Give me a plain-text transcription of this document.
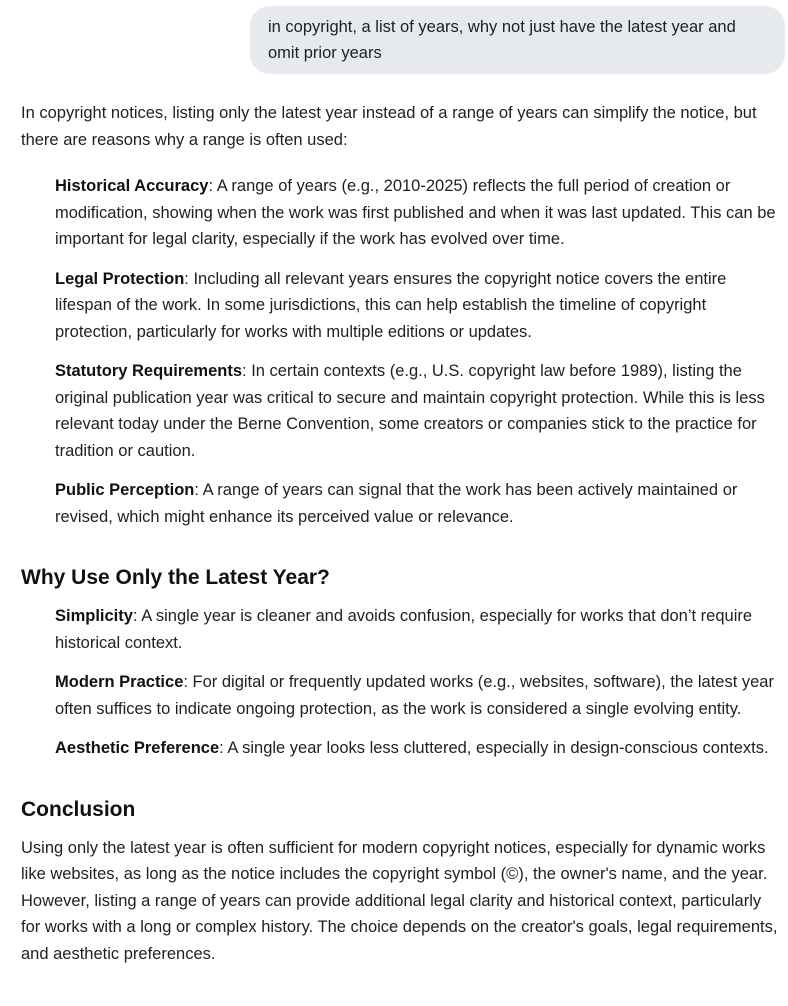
in copyright, a list of years, why not just have the latest year and omit prior years

In copyright notices, listing only the latest year instead of a range of years can simplify the notice, but there are reasons why a range is often used:

Historical Accuracy: A range of years (e.g., 2010-2025) reflects the full period of creation or modification, showing when the work was first published and when it was last updated. This can be important for legal clarity, especially if the work has evolved over time.
Legal Protection: Including all relevant years ensures the copyright notice covers the entire lifespan of the work. In some jurisdictions, this can help establish the timeline of copyright protection, particularly for works with multiple editions or updates.
Statutory Requirements: In certain contexts (e.g., U.S. copyright law before 1989), listing the original publication year was critical to secure and maintain copyright protection. While this is less relevant today under the Berne Convention, some creators or companies stick to the practice for tradition or caution.
Public Perception: A range of years can signal that the work has been actively maintained or revised, which might enhance its perceived value or relevance.
Why Use Only the Latest Year?
Simplicity: A single year is cleaner and avoids confusion, especially for works that don’t require historical context.
Modern Practice: For digital or frequently updated works (e.g., websites, software), the latest year often suffices to indicate ongoing protection, as the work is considered a single evolving entity.
Aesthetic Preference: A single year looks less cluttered, especially in design-conscious contexts.
Conclusion

Using only the latest year is often sufficient for modern copyright notices, especially for dynamic works like websites, as long as the notice includes the copyright symbol (©), the owner's name, and the year. However, listing a range of years can provide additional legal clarity and historical context, particularly for works with a long or complex history. The choice depends on the creator's goals, legal requirements, and aesthetic preferences.
